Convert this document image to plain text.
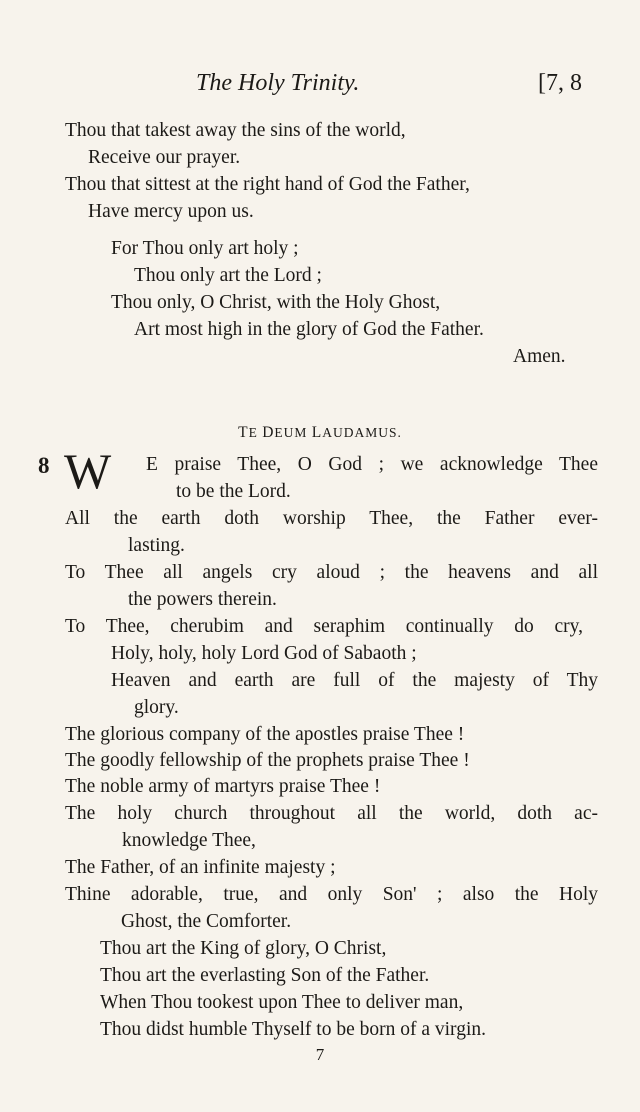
The Holy Trinity.	[7, 8
Thou that takest away the sins of the world,
Receive our prayer.
Thou that sittest at the right hand of God the Father,
Have mercy upon us.
For Thou only art holy ;
Thou only art the Lord ;
Thou only, O Christ, with the Holy Ghost,
Art most high in the glory of God the Father.
Amen.
TE DEUM LAUDAMUS.
8 W E praise Thee, O God ; we acknowledge Thee
to be the Lord.
All the earth doth worship Thee, the Father ever-
lasting.
To Thee all angels cry aloud ; the heavens and all
the powers therein.
To Thee, cherubim and seraphim continually do cry,
Holy, holy, holy Lord God of Sabaoth ;
Heaven and earth are full of the majesty of Thy
glory.
The glorious company of the apostles praise Thee !
The goodly fellowship of the prophets praise Thee !
The noble army of martyrs praise Thee !
The holy church throughout all the world, doth ac-
knowledge Thee,
The Father, of an infinite majesty ;
Thine adorable, true, and only Son' ; also the Holy
Ghost, the Comforter.
Thou art the King of glory, O Christ,
Thou art the everlasting Son of the Father.
When Thou tookest upon Thee to deliver man,
Thou didst humble Thyself to be born of a virgin.
7
